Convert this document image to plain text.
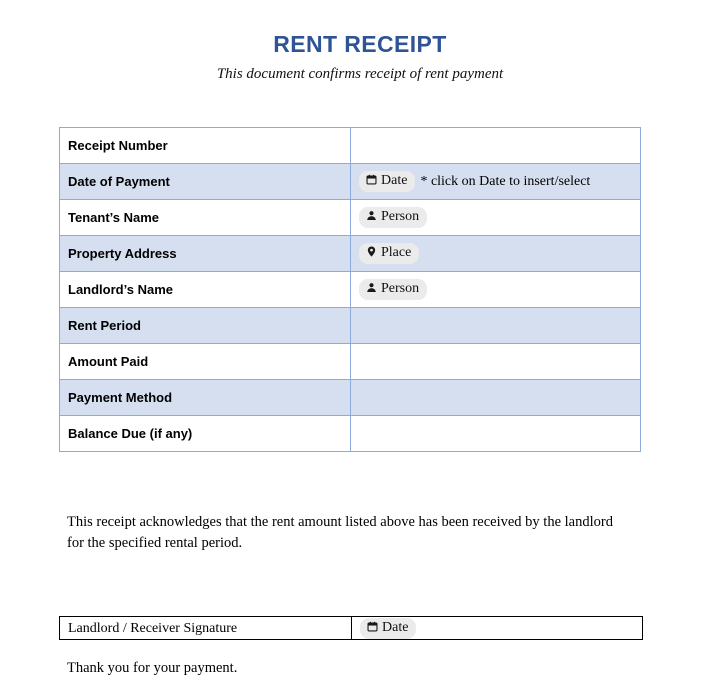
RENT RECEIPT
This document confirms receipt of rent payment
Receipt Number	
Date of Payment	Date * click on Date to insert/select
Tenant’s Name	Person
Property Address	Place
Landlord’s Name	Person
Rent Period	
Amount Paid	
Payment Method	
Balance Due (if any)	
This receipt acknowledges that the rent amount listed above has been received by the landlord for the specified rental period.
Landlord / Receiver Signature	Date
Thank you for your payment.
